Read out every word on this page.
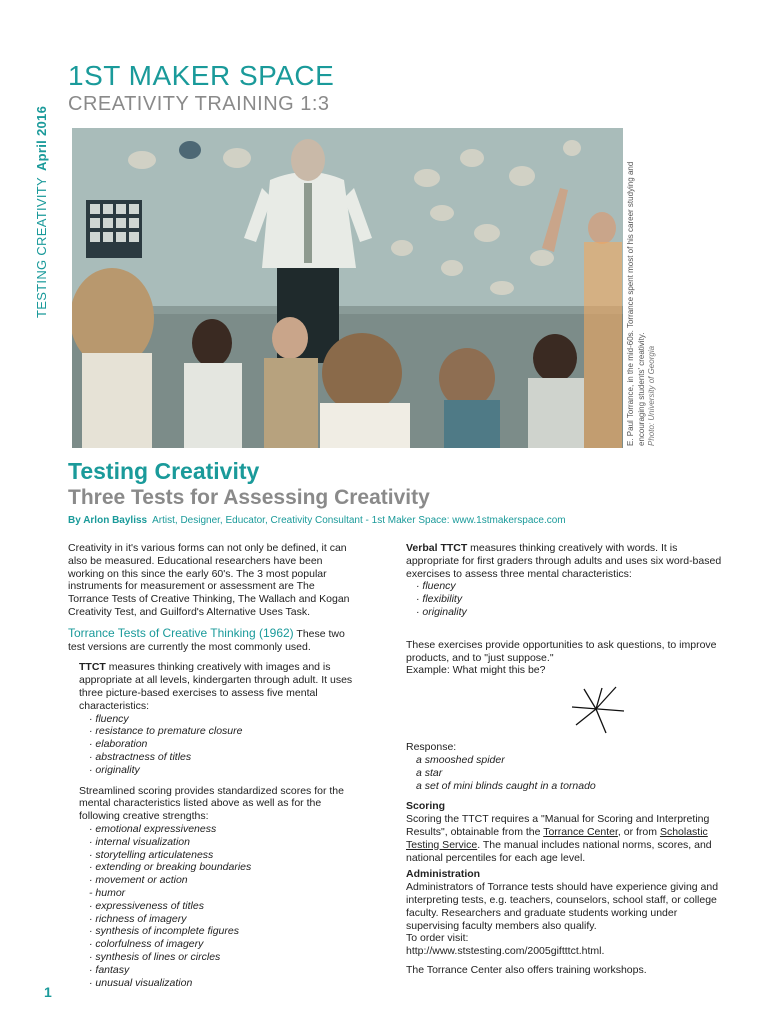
TESTING CREATIVITYApril 2016
1ST MAKER SPACE
CREATIVITY TRAINING 1:3
E. Paul Torrance, in the mid-60s. Torrance spent most of his career studying and encouraging students' creativity. Photo: University of Georgia
Testing Creativity
Three Tests for Assessing Creativity
By Arlon Bayliss Artist, Designer, Educator, Creativity Consultant - 1st Maker Space: www.1stmakerspace.com

Creativity in it's various forms can not only be defined, it can also be measured. Educational researchers have been working on this since the early 60's. The 3 most popular instruments for measurement or assessment are The Torrance Tests of Creative Thinking, The Wallach and Kogan Creativity Test, and Guilford's Alternative Uses Task.

Torrance Tests of Creative Thinking (1962) These two test versions are currently the most commonly used.

TTCT measures thinking creatively with images and is appropriate at all levels, kindergarten through adult. It uses three picture-based exercises to assess five mental characteristics:

· fluency
· resistance to premature closure
· elaboration
· abstractness of titles
· originality

Streamlined scoring provides standardized scores for the mental characteristics listed above as well as for the following creative strengths:

· emotional expressiveness
· internal visualization
· storytelling articulateness
· extending or breaking boundaries
· movement or action
- humor
· expressiveness of titles
· richness of imagery
· synthesis of incomplete figures
· colorfulness of imagery
· synthesis of lines or circles
· fantasy
· unusual visualization

Verbal TTCT measures thinking creatively with words. It is appropriate for first graders through adults and uses six word-based exercises to assess three mental characteristics:

· fluency
· flexibility
· originality

These exercises provide opportunities to ask questions, to improve products, and to "just suppose."

Example: What might this be?

Response:

a smooshed spider
a star
a set of mini blinds caught in a tornado

Scoring

Scoring the TTCT requires a "Manual for Scoring and Interpreting Results", obtainable from the Torrance Center, or from Scholastic Testing Service. The manual includes national norms, scores, and national percentiles for each age level.

Administration

Administrators of Torrance tests should have experience giving and interpreting tests, e.g. teachers, counselors, school staff, or college faculty. Researchers and graduate students working under supervising faculty members also qualify.

To order visit:

http://www.ststesting.com/2005giftttct.html.

The Torrance Center also offers training workshops.

1
